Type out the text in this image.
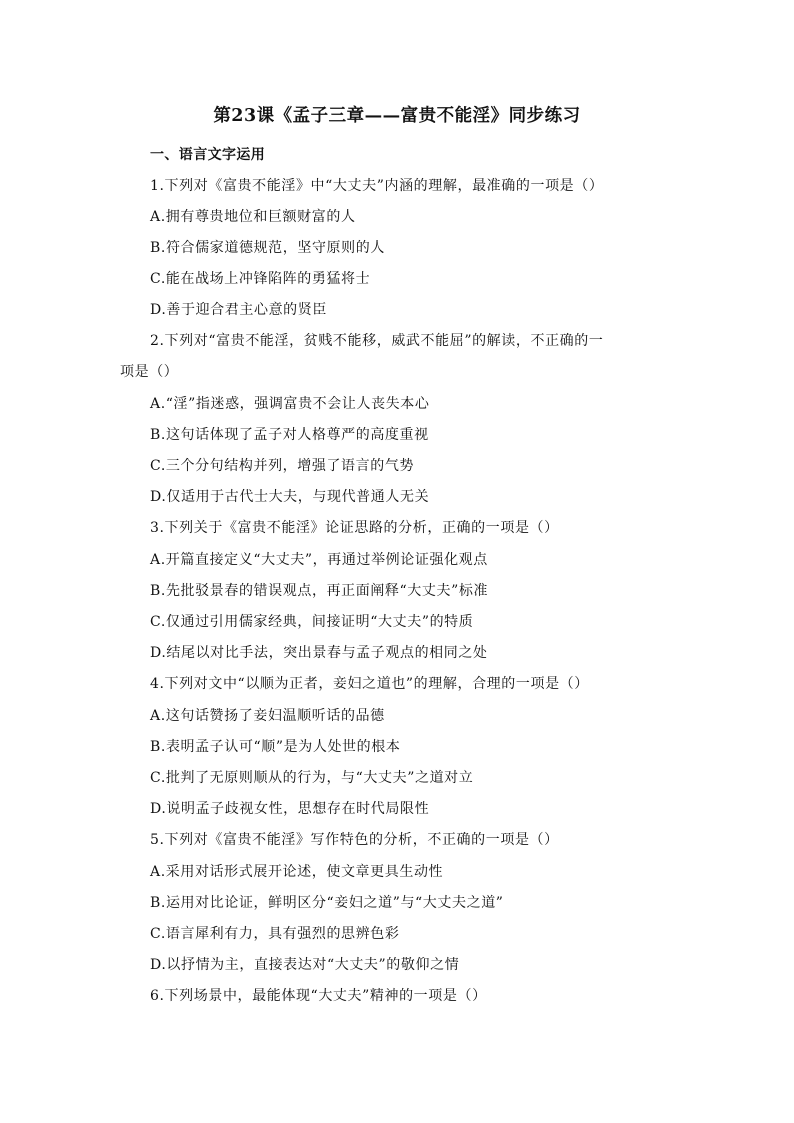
第23课《孟子三章——富贵不能淫》同步练习
一、语言文字运用
1.下列对《富贵不能淫》中“大丈夫”内涵的理解，最准确的一项是（）
A.拥有尊贵地位和巨额财富的人
B.符合儒家道德规范，坚守原则的人
C.能在战场上冲锋陷阵的勇猛将士
D.善于迎合君主心意的贤臣
2.下列对“富贵不能淫，贫贱不能移，威武不能屈”的解读，不正确的一
项是（）
A.“淫”指迷惑，强调富贵不会让人丧失本心
B.这句话体现了孟子对人格尊严的高度重视
C.三个分句结构并列，增强了语言的气势
D.仅适用于古代士大夫，与现代普通人无关
3.下列关于《富贵不能淫》论证思路的分析，正确的一项是（）
A.开篇直接定义“大丈夫”，再通过举例论证强化观点
B.先批驳景春的错误观点，再正面阐释“大丈夫”标准
C.仅通过引用儒家经典，间接证明“大丈夫”的特质
D.结尾以对比手法，突出景春与孟子观点的相同之处
4.下列对文中“以顺为正者，妾妇之道也”的理解，合理的一项是（）
A.这句话赞扬了妾妇温顺听话的品德
B.表明孟子认可“顺”是为人处世的根本
C.批判了无原则顺从的行为，与“大丈夫”之道对立
D.说明孟子歧视女性，思想存在时代局限性
5.下列对《富贵不能淫》写作特色的分析，不正确的一项是（）
A.采用对话形式展开论述，使文章更具生动性
B.运用对比论证，鲜明区分“妾妇之道”与“大丈夫之道”
C.语言犀利有力，具有强烈的思辨色彩
D.以抒情为主，直接表达对“大丈夫”的敬仰之情
6.下列场景中，最能体现“大丈夫”精神的一项是（）
